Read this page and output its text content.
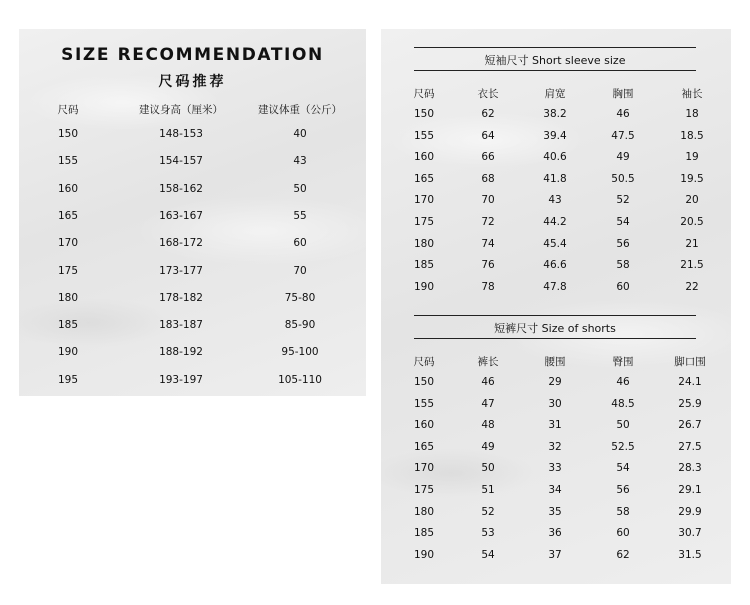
SIZE RECOMMENDATION
尺码推荐
尺码	建议身高（厘米）	建议体重（公斤）
150	148-153	40
155	154-157	43
160	158-162	50
165	163-167	55
170	168-172	60
175	173-177	70
180	178-182	75-80
185	183-187	85-90
190	188-192	95-100
195	193-197	105-110
短袖尺寸 Short sleeve size
尺码	衣长	肩宽	胸围	袖长
150	62	38.2	46	18
155	64	39.4	47.5	18.5
160	66	40.6	49	19
165	68	41.8	50.5	19.5
170	70	43	52	20
175	72	44.2	54	20.5
180	74	45.4	56	21
185	76	46.6	58	21.5
190	78	47.8	60	22
短裤尺寸 Size of shorts
尺码	裤长	腰围	臀围	脚口围
150	46	29	46	24.1
155	47	30	48.5	25.9
160	48	31	50	26.7
165	49	32	52.5	27.5
170	50	33	54	28.3
175	51	34	56	29.1
180	52	35	58	29.9
185	53	36	60	30.7
190	54	37	62	31.5
